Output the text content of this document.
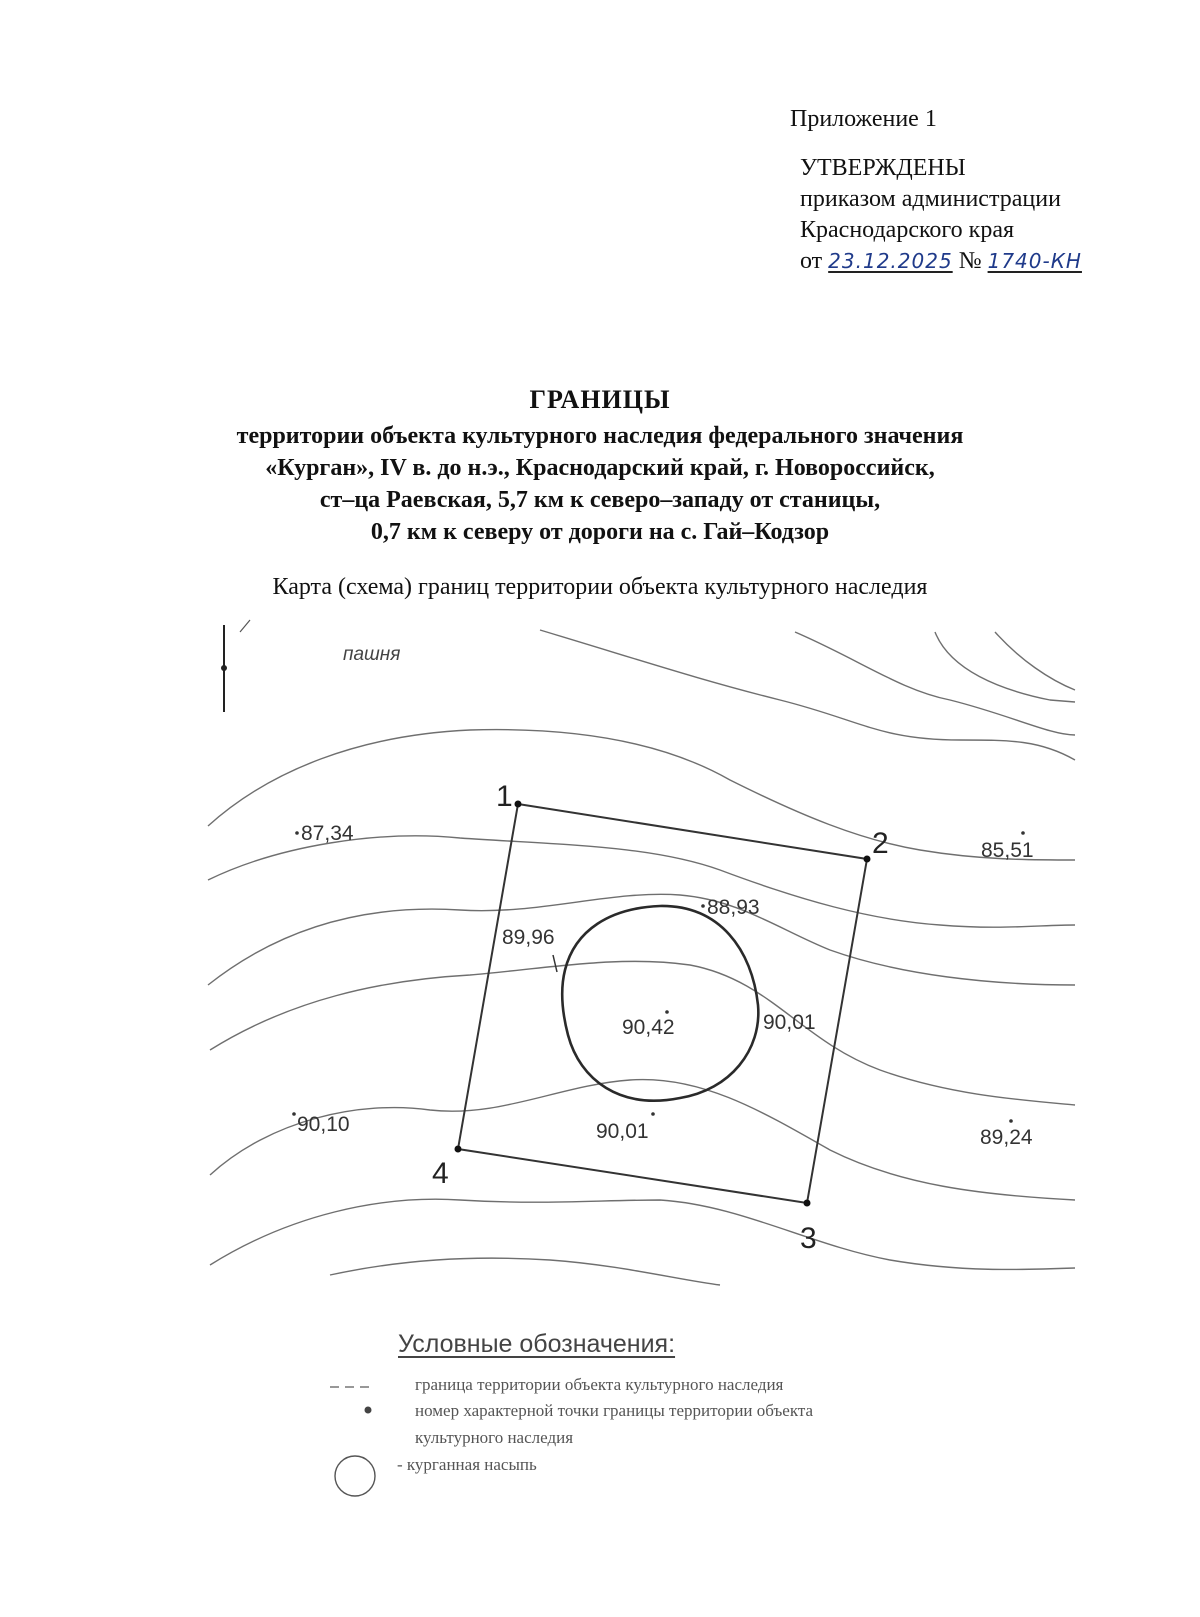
Приложение 1
УТВЕРЖДЕНЫ
приказом администрации
Краснодарского края
от 23.12.2025 № 1740-КН
ГРАНИЦЫ
территории объекта культурного наследия федерального значения
«Курган», IV в. до н.э., Краснодарский край, г. Новороссийск,
ст–ца Раевская, 5,7 км к северо–западу от станицы,
0,7 км к северу от дороги на с. Гай–Кодзор
Карта (схема) границ территории объекта культурного наследия
1
2
3
4
пашня
87,34
85,51
88,93
89,96
90,42	90,01
90,10	90,01	89,24
Условные обозначения:
граница территории объекта культурного наследия
номер характерной точки границы территории объекта
культурного наследия
- курганная насыпь
